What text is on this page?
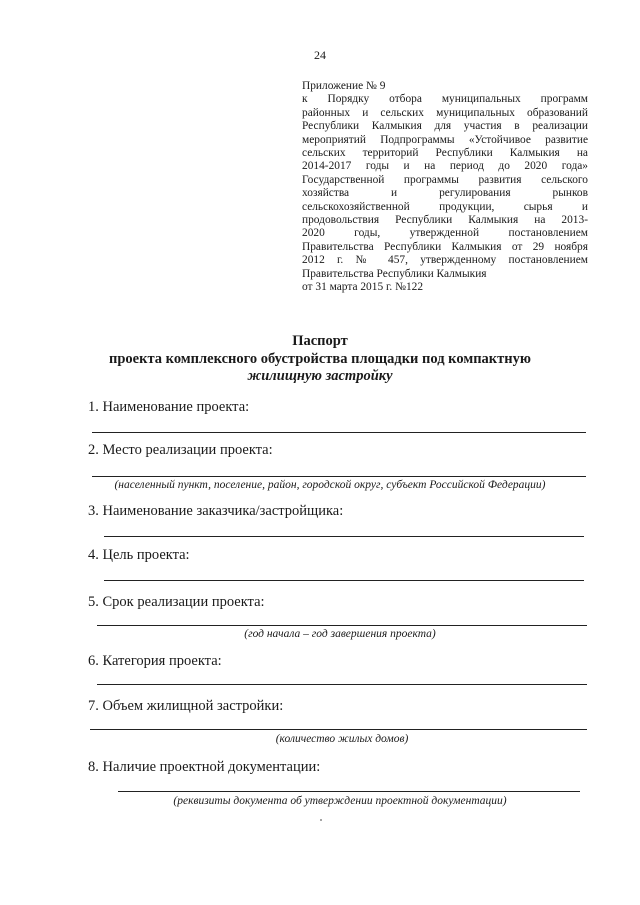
24
Приложение № 9
к Порядку отбора муниципальных программ
районных и сельских муниципальных образований
Республики Калмыкия для участия в реализации
мероприятий Подпрограммы «Устойчивое развитие
сельских территорий Республики Калмыкия на
2014-2017 годы и на период до 2020 года»
Государственной программы развития сельского
хозяйства и регулирования рынков
сельскохозяйственной продукции, сырья и
продовольствия Республики Калмыкия на 2013-
2020 годы, утвержденной постановлением
Правительства Республики Калмыкия от 29 ноября
2012 г. № 457, утвержденному постановлением
Правительства Республики Калмыкия
от 31 марта 2015 г. №122
Паспорт
проекта комплексного обустройства площадки под компактную
жилищную застройку
1. Наименование проекта:
2. Место реализации проекта:
(населенный пункт, поселение, район, городской округ, субъект Российской Федерации)
3. Наименование заказчика/застройщика:
4. Цель проекта:
5. Срок реализации проекта:
(год начала – год завершения проекта)
6. Категория проекта:
7. Объем жилищной застройки:
(количество жилых домов)
8. Наличие проектной документации:
(реквизиты документа об утверждении проектной документации)
